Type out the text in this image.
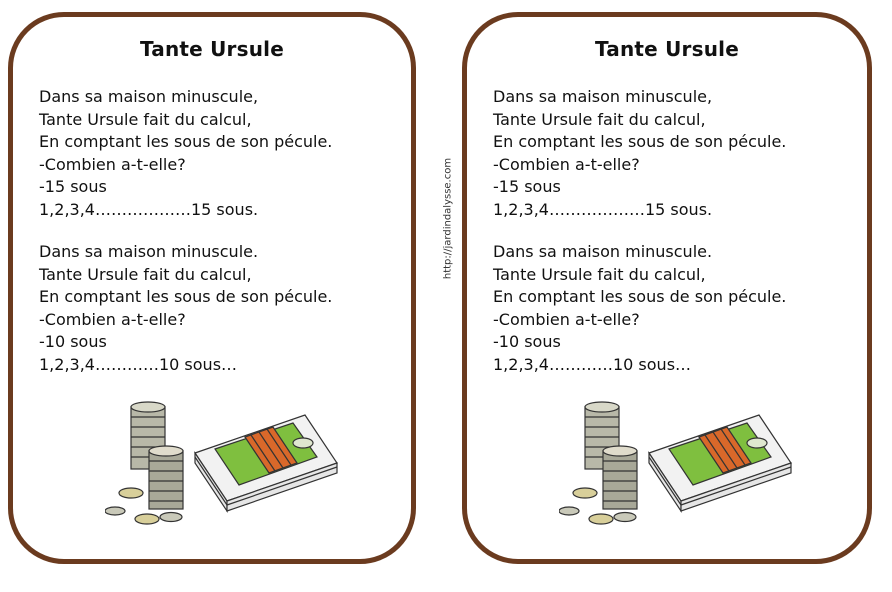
Tante Ursule
Dans sa maison minuscule,
Tante Ursule fait du calcul,
En comptant les sous de son pécule.
-Combien a-t-elle?
-15 sous
1,2,3,4………………15 sous.
Dans sa maison minuscule.
Tante Ursule fait du calcul,
En comptant les sous de son pécule.
-Combien a-t-elle?
-10 sous
1,2,3,4…………10 sous…
http://jardindalysse.com
Tante Ursule
Dans sa maison minuscule,
Tante Ursule fait du calcul,
En comptant les sous de son pécule.
-Combien a-t-elle?
-15 sous
1,2,3,4………………15 sous.
Dans sa maison minuscule.
Tante Ursule fait du calcul,
En comptant les sous de son pécule.
-Combien a-t-elle?
-10 sous
1,2,3,4…………10 sous…
